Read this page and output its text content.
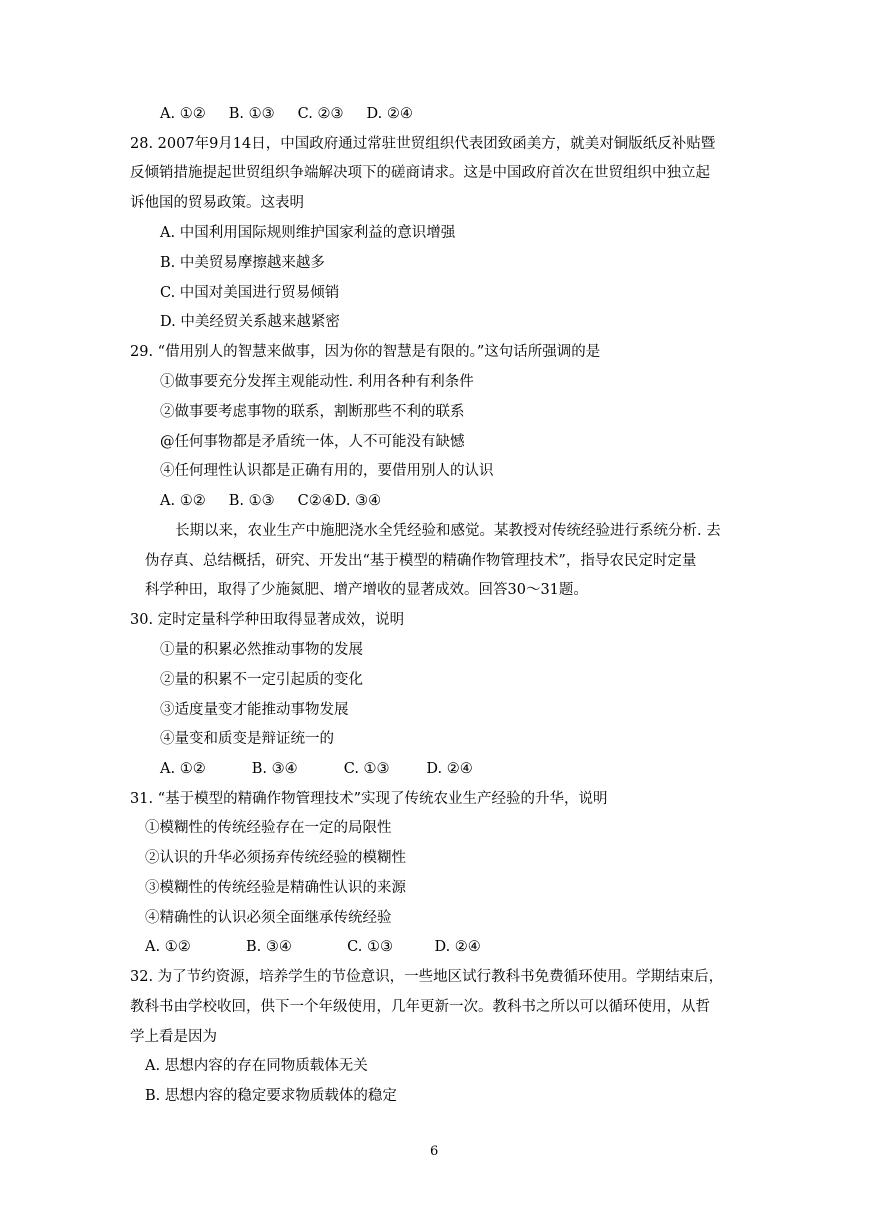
A. ①②     B. ①③     C. ②③     D. ②④
28. 2007年9月14日，中国政府通过常驻世贸组织代表团致函美方，就美对铜版纸反补贴暨
反倾销措施提起世贸组织争端解决项下的磋商请求。这是中国政府首次在世贸组织中独立起
诉他国的贸易政策。这表明
A. 中国利用国际规则维护国家利益的意识增强
B. 中美贸易摩擦越来越多
C. 中国对美国进行贸易倾销
D. 中美经贸关系越来越紧密
29. “借用别人的智慧来做事，因为你的智慧是有限的。”这句话所强调的是
①做事要充分发挥主观能动性. 利用各种有利条件
②做事要考虑事物的联系，割断那些不利的联系
@任何事物都是矛盾统一体，人不可能没有缺憾
④任何理性认识都是正确有用的，要借用别人的认识
A. ①②     B. ①③     C②④D. ③④
长期以来，农业生产中施肥浇水全凭经验和感觉。某教授对传统经验进行系统分析. 去
伪存真、总结概括，研究、开发出“基于模型的精确作物管理技术”，指导农民定时定量
科学种田，取得了少施氮肥、增产增收的显著成效。回答30～31题。
30. 定时定量科学种田取得显著成效，说明
①量的积累必然推动事物的发展
②量的积累不一定引起质的变化
③适度量变才能推动事物发展
④量变和质变是辩证统一的
A. ①②          B. ③④          C. ①③        D. ②④
31. “基于模型的精确作物管理技术”实现了传统农业生产经验的升华，说明
①模糊性的传统经验存在一定的局限性
②认识的升华必须扬弃传统经验的模糊性
③模糊性的传统经验是精确性认识的来源
④精确性的认识必须全面继承传统经验
A. ①②            B. ③④            C. ①③         D. ②④
32. 为了节约资源，培养学生的节俭意识，一些地区试行教科书免费循环使用。学期结束后，
教科书由学校收回，供下一个年级使用，几年更新一次。教科书之所以可以循环使用，从哲
学上看是因为
A. 思想内容的存在同物质载体无关
B. 思想内容的稳定要求物质载体的稳定
6
